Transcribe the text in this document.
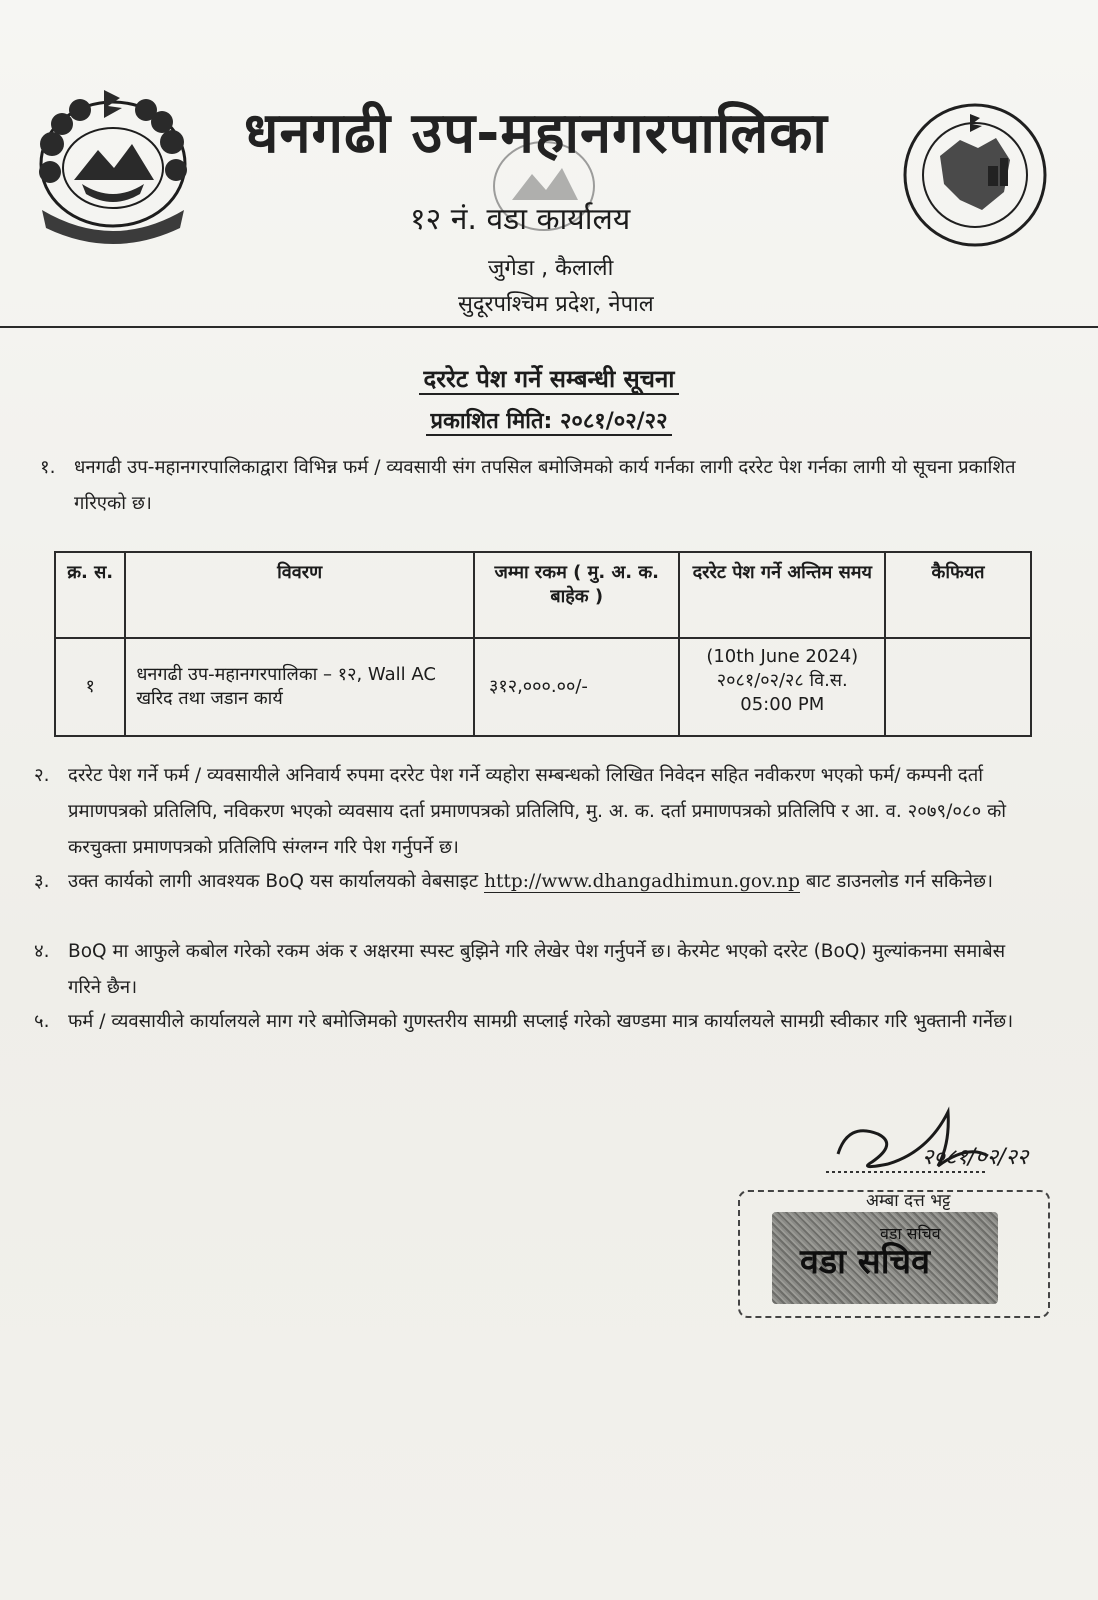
धनगढी उप-महानगरपालिका
१२ नं. वडा कार्यालय
जुगेडा , कैलाली
सुदूरपश्चिम प्रदेश, नेपाल
दररेट पेश गर्ने सम्बन्धी सूचना
प्रकाशित मिति: २०८१/०२/२२
१. धनगढी उप-महानगरपालिकाद्वारा विभिन्न फर्म / व्यवसायी संग तपसिल बमोजिमको कार्य गर्नका लागी दररेट पेश गर्नका लागी यो सूचना प्रकाशित गरिएको छ।
क्र. स.	विवरण	जम्मा रकम ( मु. अ. क. बाहेक )	दररेट पेश गर्ने अन्तिम समय	कैफियत
१	धनगढी उप-महानगरपालिका – १२, Wall AC खरिद तथा जडान कार्य	३१२,०००.००/-	(10th June 2024)
२०८१/०२/२८ वि.स.
05:00 PM	

२. दररेट पेश गर्ने फर्म / व्यवसायीले अनिवार्य रुपमा दररेट पेश गर्ने व्यहोरा सम्बन्धको लिखित निवेदन सहित नवीकरण भएको फर्म/ कम्पनी दर्ता प्रमाणपत्रको प्रतिलिपि, नविकरण भएको व्यवसाय दर्ता प्रमाणपत्रको प्रतिलिपि, मु. अ. क. दर्ता प्रमाणपत्रको प्रतिलिपि र आ. व. २०७९/०८० को करचुक्ता प्रमाणपत्रको प्रतिलिपि संग्लग्न गरि पेश गर्नुपर्ने छ।
३. उक्त कार्यको लागी आवश्यक BoQ यस कार्यालयको वेबसाइट http://www.dhangadhimun.gov.np बाट डाउनलोड गर्न सकिनेछ।
४. BoQ मा आफुले कबोल गरेको रकम अंक र अक्षरमा स्पस्ट बुझिने गरि लेखेर पेश गर्नुपर्ने छ। केरमेट भएको दररेट (BoQ) मुल्यांकनमा समाबेस गरिने छैन।
५. फर्म / व्यवसायीले कार्यालयले माग गरे बमोजिमको गुणस्तरीय सामग्री सप्लाई गरेको खण्डमा मात्र कार्यालयले सामग्री स्वीकार गरि भुक्तानी गर्नेछ।
२०८१/०२/२२
अम्बा दत्त भट्ट
वडा सचिव
वडा सचिव
